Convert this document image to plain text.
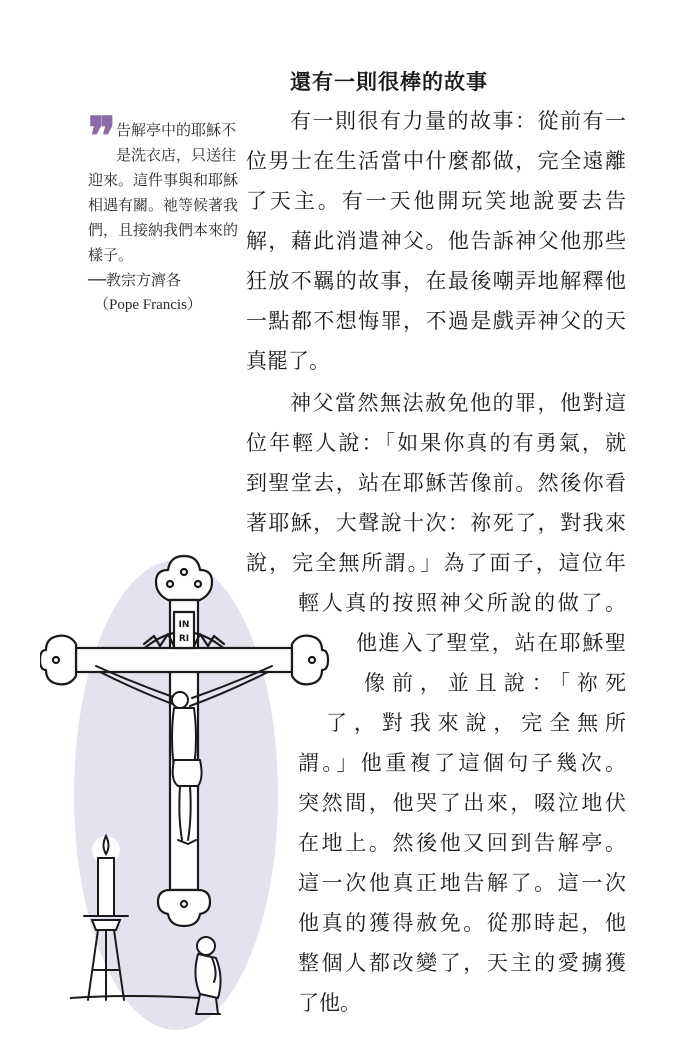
還有一則很棒的故事
❞ 告解亭中的耶穌不是洗衣店，只送往迎來。這件事與和耶穌相遇有關。祂等候著我們，且接納我們本來的樣子。
──教宗方濟各
（Pope Francis）
有一則很有力量的故事：從前有一
位男士在生活當中什麼都做，完全遠離
了天主。有一天他開玩笑地說要去告
解，藉此消遣神父。他告訴神父他那些
狂放不羈的故事，在最後嘲弄地解釋他
一點都不想悔罪，不過是戲弄神父的天
真罷了。
神父當然無法赦免他的罪，他對這
位年輕人說：「如果你真的有勇氣，就
到聖堂去，站在耶穌苦像前。然後你看
著耶穌，大聲說十次：祢死了，對我來
說，完全無所謂。」為了面子，這位年
輕人真的按照神父所說的做了。
他進入了聖堂，站在耶穌聖
像前，並且說：「祢死
了，對我來說，完全無所
謂。」他重複了這個句子幾次。
突然間，他哭了出來，啜泣地伏
在地上。然後他又回到告解亭。
這一次他真正地告解了。這一次
他真的獲得赦免。從那時起，他
整個人都改變了，天主的愛擄獲
了他。
IN
RI
